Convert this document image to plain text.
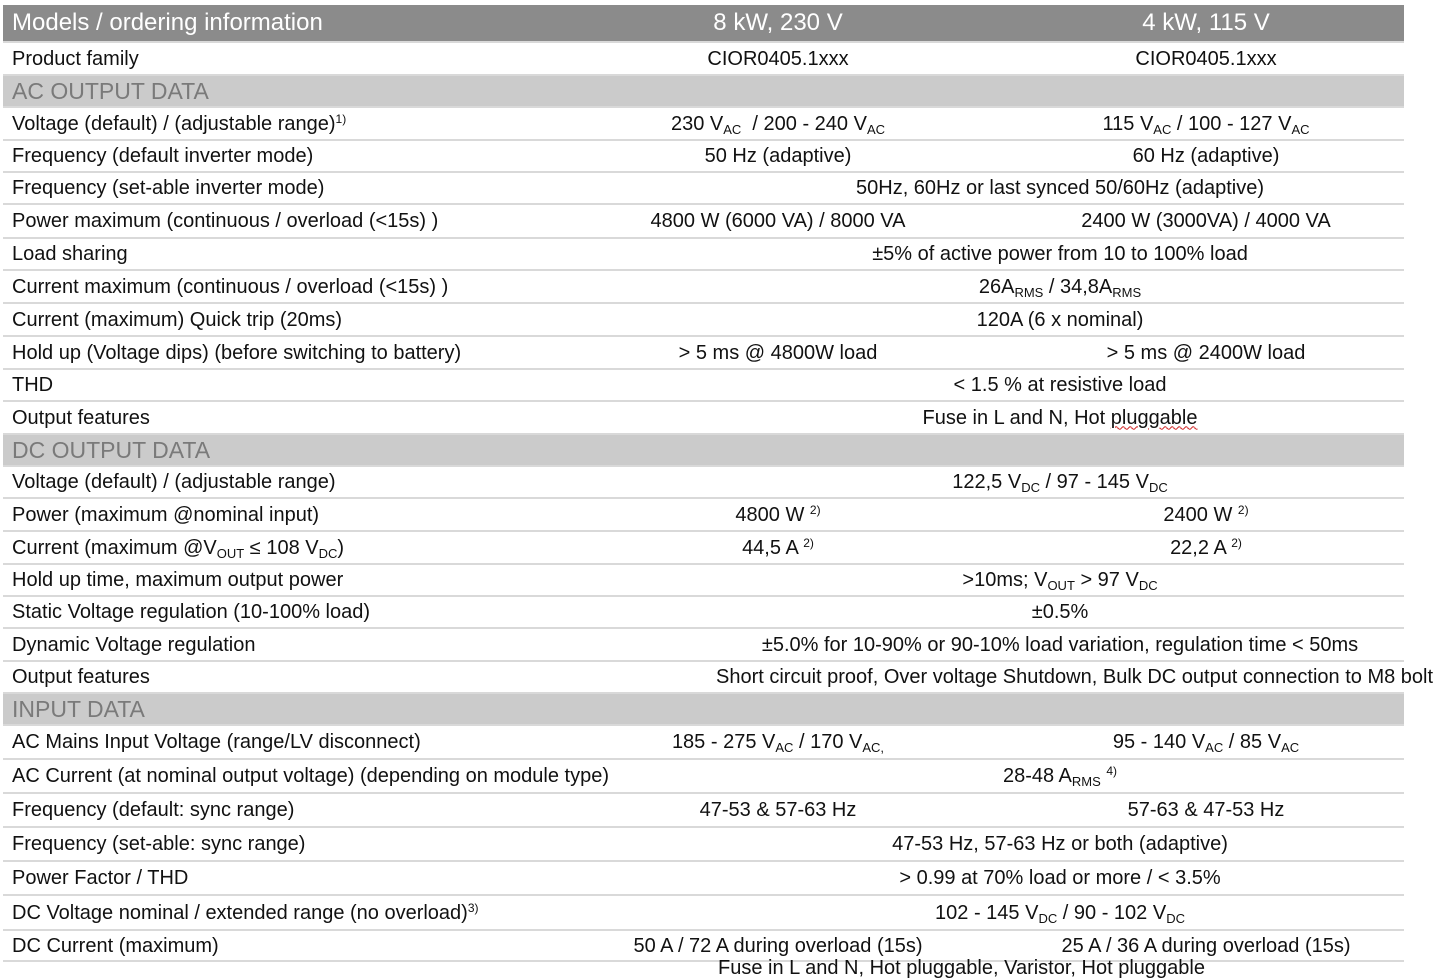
Models / ordering information	8 kW, 230 V	4 kW, 115 V
Product family	CIOR0405.1xxx	CIOR0405.1xxx
AC OUTPUT DATA		
Voltage (default) / (adjustable range)$^{1)}$	230 $V_{AC} / 200 - 240$ $V_{AC}$	115 $V_{AC} / 100 - 127$ $V_{AC}$
Frequency (default inverter mode)	50 Hz (adaptive)	60 Hz (adaptive)
Frequency (set-able inverter mode)	50Hz, 60Hz or last synced 50/60Hz (adaptive)	
Power maximum (continuous / overload (<15s) )	4800 W (6000 VA) / 8000 VA	2400 W (3000VA) / 4000 VA
Load sharing	±5% of active power from 10 to 100% load	
Current maximum (continuous / overload (<15s) )	$26A_{RMS} / 34,8A_{RMS}$
Current (maximum) Quick trip (20ms)	120A (6 x nominal)	
Hold up (Voltage dips) (before switching to battery)	> 5 ms @ 4800W load	> 5 ms @ 2400W load
THD	< 1.5 % at resistive load	
Output features	Fuse in L and N, Hot pluggable	
DC OUTPUT DATA		
Voltage (default) / (adjustable range)	122,5 $V_{DC} / 97 - 145$ $V_{DC}$
Power (maximum @nominal input)	4800 W $^{2)}$	2400 W $^{2)}$
Current (maximum $@V_{OUT} \le 108$ $V_{DC}$)	44,5 A $^{2)}$	22,2 A $^{2)}$
Hold up time, maximum output power	>10ms; $V_{OUT} > 97$ $V_{DC}$
Static Voltage regulation (10-100% load)	±0.5%	
Dynamic Voltage regulation	±5.0% for 10-90% or 90-10% load variation, regulation time < 50ms	
Output features	Short circuit proof, Over voltage Shutdown, Bulk DC output connection to M8 bolt	
INPUT DATA		
AC Mains Input Voltage (range/LV disconnect)	185 - 275 $V_{AC} / 170$ $V_{AC,}$	95 - 140 $V_{AC} / 85$ $V_{AC}$
AC Current (at nominal output voltage) (depending on module type)	28-48 $A_{RMS}$ $^{4)}$
Frequency (default: sync range)	47-53 & 57-63 Hz	57-63 & 47-53 Hz
Frequency (set-able: sync range)	47-53 Hz, 57-63 Hz or both (adaptive)	
Power Factor / THD	> 0.99 at 70% load or more / < 3.5%	
DC Voltage nominal / extended range (no overload)$^{3)}$	102 - 145 $V_{DC} / 90 - 102$ $V_{DC}$
DC Current (maximum)	50 A / 72 A during overload (15s)	25 A / 36 A during overload (15s)
Fuse in L and N, Hot pluggable, Varistor, Hot pluggable
